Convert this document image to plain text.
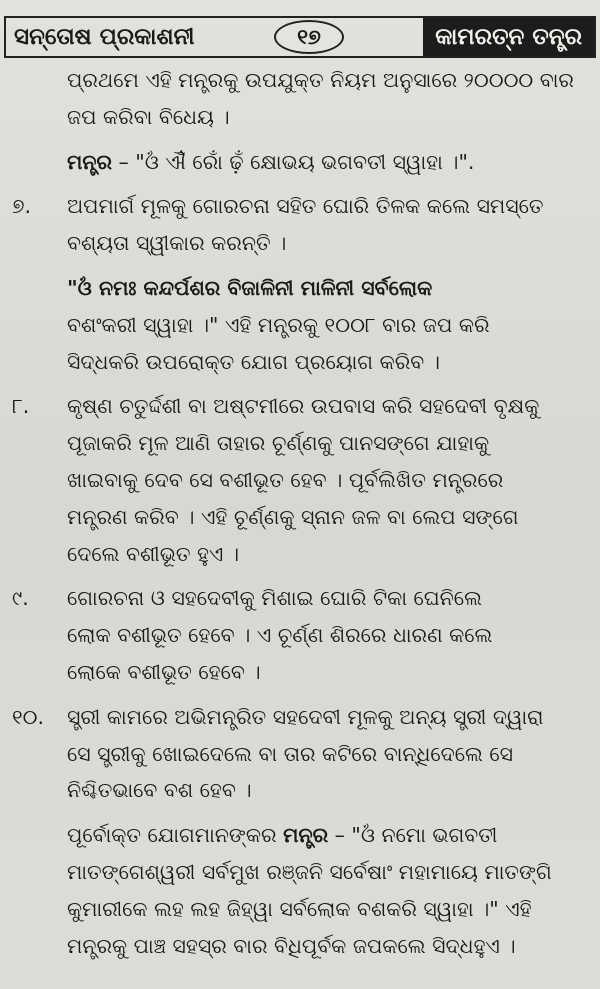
ସନ୍ତୋଷ ପ୍ରକାଶନୀ	୧୭	କାମରତ୍ନ ତନ୍ତ୍ର
ପ୍ରଥମେ ଏହି ମନ୍ତ୍ରକୁ ଉପଯୁକ୍ତ ନିୟମ ଅନୁସାରେ ୨୦୦୦୦ ବାର
ଜପ କରିବା ବିଧେୟ ।
ମନ୍ତ୍ର – "ଓଁ ଐଁ ରୋଁ ଢ଼ଁ କ୍ଷୋଭୟ ଭଗବତୀ ସ୍ୱାହା ।".
୭. ଅପମାର୍ଗ ମୂଳକୁ ଗୋରଚନା ସହିତ ଘୋରି ତିଳକ କଲେ ସମସ୍ତେ
ବଶ୍ୟତା ସ୍ୱୀକାର କରନ୍ତି ।
"ଓଁ ନମଃ କନ୍ଦର୍ପଶର ବିଜାଳିନୀ ମାଳିନୀ ସର୍ବଲୋକ
ବଶଂକରୀ ସ୍ୱାହା ।" ଏହି ମନ୍ତ୍ରକୁ ୧୦୦୮ ବାର ଜପ କରି
ସିଦ୍ଧକରି ଉପରୋକ୍ତ ଯୋଗ ପ୍ରୟୋଗ କରିବ ।
୮. କୃଷ୍ଣ ଚତୁର୍ଦ୍ଦଶୀ ବା ଅଷ୍ଟମୀରେ ଉପବାସ କରି ସହଦେବୀ ବୃକ୍ଷକୁ
ପୂଜାକରି ମୂଳ ଆଣି ତାହାର ଚୂର୍ଣ୍ଣକୁ ପାନସଙ୍ଗେ ଯାହାକୁ
ଖାଇବାକୁ ଦେବ ସେ ବଶୀଭୂତ ହେବ । ପୂର୍ବଲିଖିତ ମନ୍ତ୍ରରେ
ମନ୍ତ୍ରଣ କରିବ । ଏହି ଚୂର୍ଣ୍ଣକୁ ସ୍ନାନ ଜଳ ବା ଲେପ ସଙ୍ଗେ
ଦେଲେ ବଶୀଭୂତ ହୁଏ ।
୯. ଗୋରଚନା ଓ ସହଦେବୀକୁ ମିଶାଇ ଘୋରି ଟିକା ଘେନିଲେ
ଲୋକ ବଶୀଭୂତ ହେବେ । ଏ ଚୂର୍ଣ୍ଣ ଶିରରେ ଧାରଣ କଲେ
ଲୋକେ ବଶୀଭୂତ ହେବେ ।
୧୦. ସ୍ତ୍ରୀ କାମରେ ଅଭିମନ୍ତ୍ରିତ ସହଦେବୀ ମୂଳକୁ ଅନ୍ୟ ସ୍ତ୍ରୀ ଦ୍ୱାରା
ସେ ସ୍ତ୍ରୀକୁ ଖୋଇଦେଲେ ବା ତାର କଟିରେ ବାନ୍ଧିଦେଲେ ସେ
ନିଶ୍ଚିତଭାବେ ବଶ ହେବ ।
ପୂର୍ବୋକ୍ତ ଯୋଗମାନଙ୍କର ମନ୍ତ୍ର – "ଓଁ ନମୋ ଭଗବତୀ
ମାତଙ୍ଗେଶ୍ୱରୀ ସର୍ବମୁଖ ରଞ୍ଜନି ସର୍ବେଷାଂ ମହାମାୟେ ମାତଙ୍ଗି
କୁମାରୀକେ ଲହ ଲହ ଜିହ୍ୱା ସର୍ବଲୋକ ବଶକରି ସ୍ୱାହା ।" ଏହି
ମନ୍ତ୍ରକୁ ପାଞ୍ଚ ସହସ୍ର ବାର ବିଧିପୂର୍ବକ ଜପକଲେ ସିଦ୍ଧହୁଏ ।
